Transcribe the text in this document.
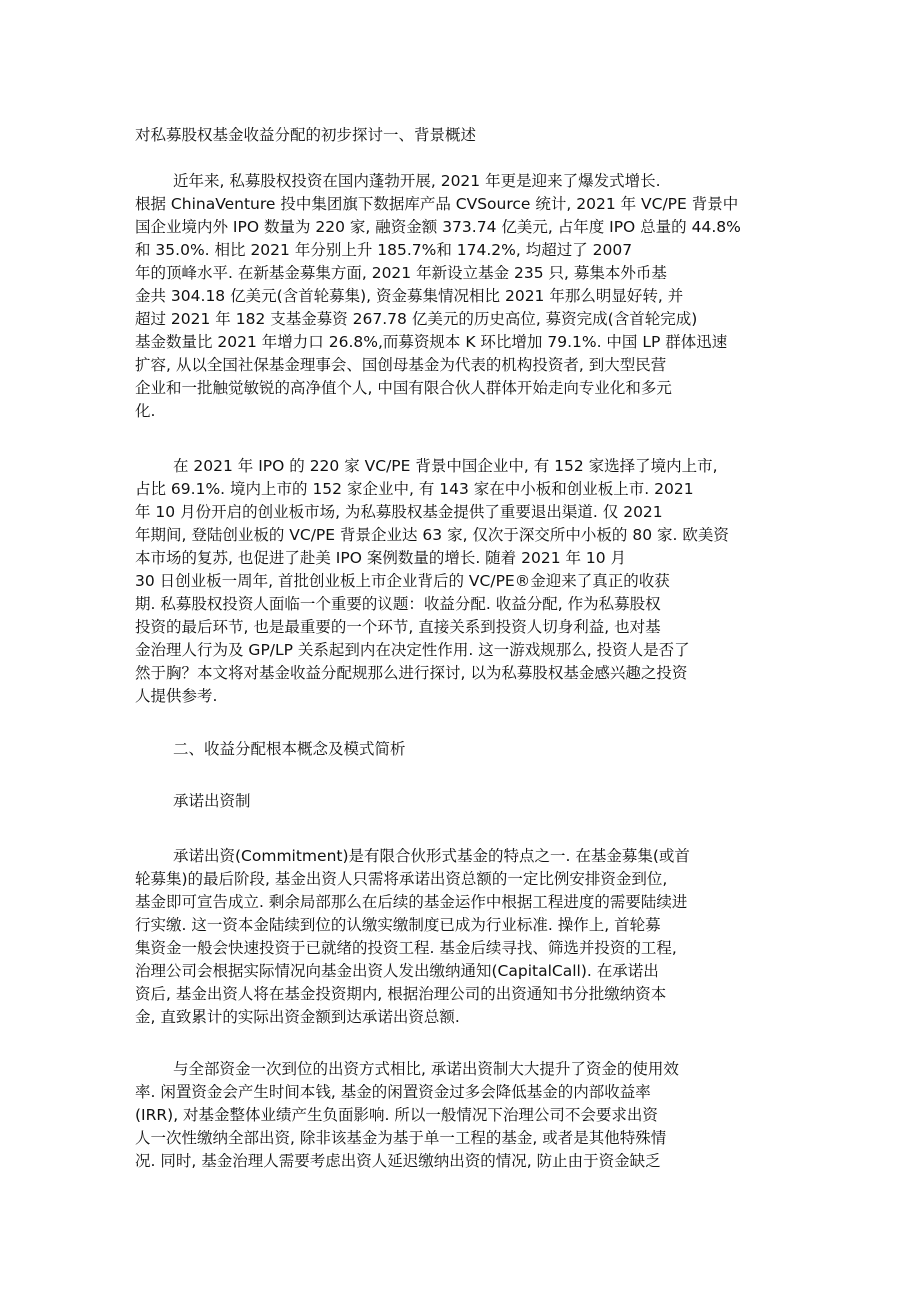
对私募股权基金收益分配的初步探讨一、背景概述
近年来, 私募股权投资在国内蓬勃开展, 2021 年更是迎来了爆发式增长.
根据 ChinaVenture 投中集团旗下数据库产品 CVSource 统计, 2021 年 VC/PE 背景中
国企业境内外 IPO 数量为 220 家, 融资金额 373.74 亿美元, 占年度 IPO 总量的 44.8%
和 35.0%. 相比 2021 年分别上升 185.7%和 174.2%, 均超过了 2007
年的顶峰水平. 在新基金募集方面, 2021 年新设立基金 235 只, 募集本外币基
金共 304.18 亿美元(含首轮募集), 资金募集情况相比 2021 年那么明显好转, 并
超过 2021 年 182 支基金募资 267.78 亿美元的历史高位, 募资完成(含首轮完成)
基金数量比 2021 年增力口 26.8%,而募资规本 K 环比增加 79.1%. 中国 LP 群体迅速
扩容, 从以全国社保基金理事会、国创母基金为代表的机构投资者, 到大型民营
企业和一批触觉敏锐的高净值个人, 中国有限合伙人群体开始走向专业化和多元
化.
在 2021 年 IPO 的 220 家 VC/PE 背景中国企业中, 有 152 家选择了境内上市,
占比 69.1%. 境内上市的 152 家企业中, 有 143 家在中小板和创业板上市. 2021
年 10 月份开启的创业板市场, 为私募股权基金提供了重要退出渠道. 仅 2021
年期间, 登陆创业板的 VC/PE 背景企业达 63 家, 仅次于深交所中小板的 80 家. 欧美资
本市场的复苏, 也促进了赴美 IPO 案例数量的增长. 随着 2021 年 10 月
30 日创业板一周年, 首批创业板上市企业背后的 VC/PE®金迎来了真正的收获
期. 私募股权投资人面临一个重要的议题：收益分配. 收益分配, 作为私募股权
投资的最后环节, 也是最重要的一个环节, 直接关系到投资人切身利益, 也对基
金治理人行为及 GP/LP 关系起到内在决定性作用. 这一游戏规那么, 投资人是否了
然于胸？本文将对基金收益分配规那么进行探讨, 以为私募股权基金感兴趣之投资
人提供参考.
二、收益分配根本概念及模式简析
承诺出资制
承诺出资(Commitment)是有限合伙形式基金的特点之一. 在基金募集(或首
轮募集)的最后阶段, 基金出资人只需将承诺出资总额的一定比例安排资金到位,
基金即可宣告成立. 剩余局部那么在后续的基金运作中根据工程进度的需要陆续进
行实缴. 这一资本金陆续到位的认缴实缴制度已成为行业标准. 操作上, 首轮募
集资金一般会快速投资于已就绪的投资工程. 基金后续寻找、筛选并投资的工程,
治理公司会根据实际情况向基金出资人发出缴纳通知(CapitalCall). 在承诺出
资后, 基金出资人将在基金投资期内, 根据治理公司的出资通知书分批缴纳资本
金, 直致累计的实际出资金额到达承诺出资总额.
与全部资金一次到位的出资方式相比, 承诺出资制大大提升了资金的使用效
率. 闲置资金会产生时间本钱, 基金的闲置资金过多会降低基金的内部收益率
(IRR), 对基金整体业绩产生负面影响. 所以一般情况下治理公司不会要求出资
人一次性缴纳全部出资, 除非该基金为基于单一工程的基金, 或者是其他特殊情
况. 同时, 基金治理人需要考虑出资人延迟缴纳出资的情况, 防止由于资金缺乏
